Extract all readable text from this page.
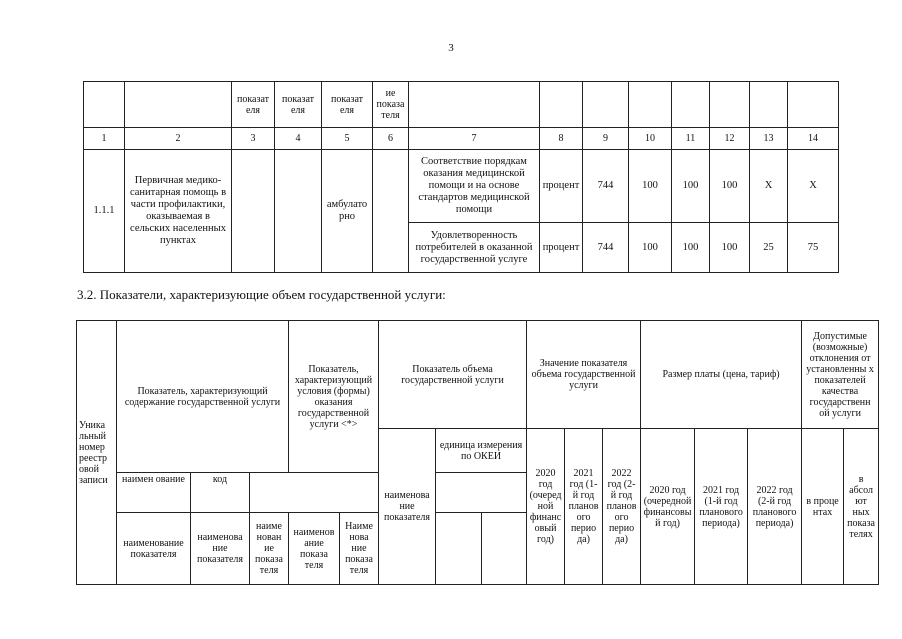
3
		показат еля	показат еля	показат еля	ие показа теля								
1	2	3	4	5	6	7	8	9	10	11	12	13	14
1.1.1	Первичная медико-санитарная помощь в части профилактики, оказываемая в сельских населенных пунктах			амбулато рно		Соответствие порядкам оказания медицинской помощи и на основе стандартов медицинской помощи	процент	744	100	100	100	Х	Х
						Удовлетворенность потребителей в оказанной государственной услуге	процент	744	100	100	100	25	75
3.2. Показатели, характеризующие объем государственной услуги:
Уника льный номер реестр овой записи	Показатель, характеризующий содержание государственной услуги			Показатель, характеризующий условия (формы) оказания государственной услуги <*>		Показатель объема государственной услуги			Значение показателя объема государственной услуги			Размер платы (цена, тариф)			Допустимые (возможные) отклонения от установленны х показателей качества государственн ой услуги	
						наименова ние показателя	единица измерения по ОКЕИ		2020 год (очеред ной финанс овый год)	2021 год (1-й год планов ого перио да)	2022 год (2-й год планов ого перио да)	2020 год (очередной финансовы й год)	2021 год (1-й год планового периода)	2022 год (2-й год планового периода)	в проце нтах	в абсол ют ных показа телях
	наимен ование	код														
	наименование показателя	наименова ние показателя	наиме нован ие показа теля	наименов ание показа теля	Наиме нова ние показа теля											
